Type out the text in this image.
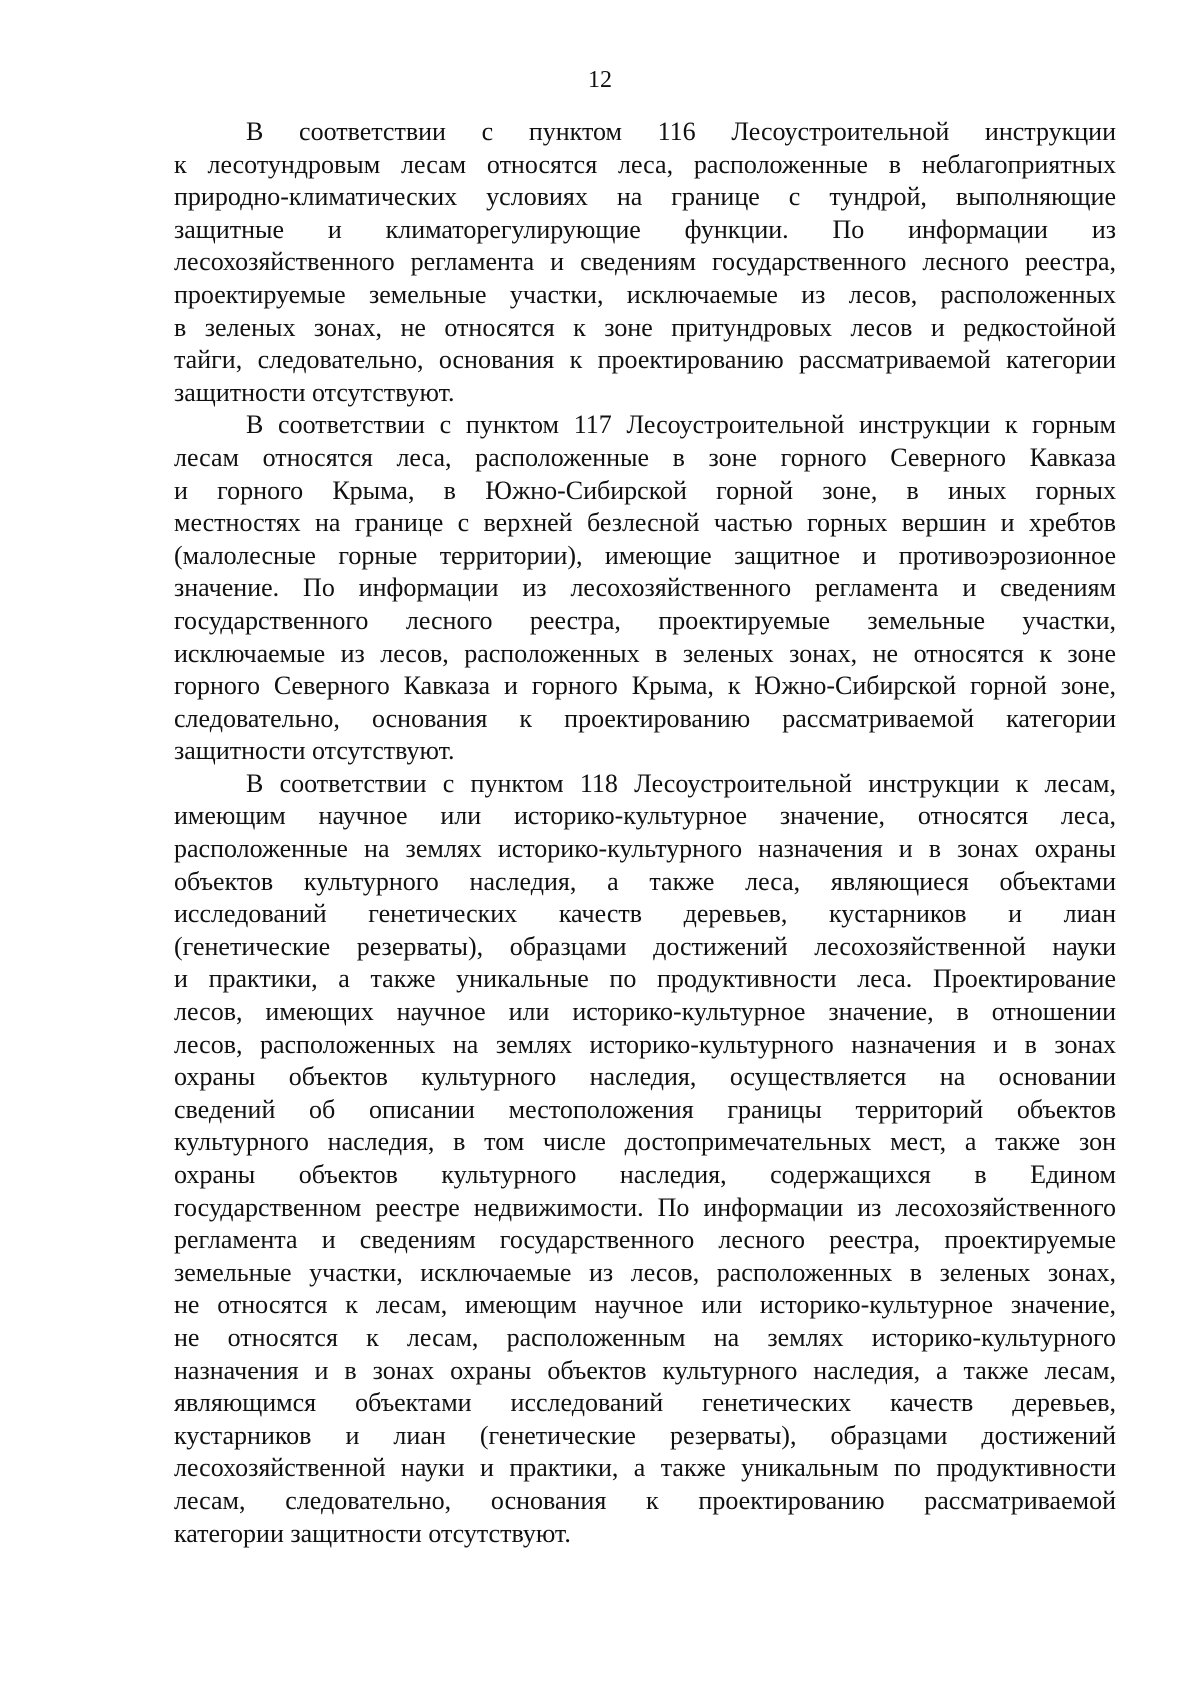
12
В соответствии с пунктом 116 Лесоустроительной инструкции
к лесотундровым лесам относятся леса, расположенные в неблагоприятных
природно-климатических условиях на границе с тундрой, выполняющие
защитные и климаторегулирующие функции. По информации из
лесохозяйственного регламента и сведениям государственного лесного реестра,
проектируемые земельные участки, исключаемые из лесов, расположенных
в зеленых зонах, не относятся к зоне притундровых лесов и редкостойной
тайги, следовательно, основания к проектированию рассматриваемой категории
защитности отсутствуют.
В соответствии с пунктом 117 Лесоустроительной инструкции к горным
лесам относятся леса, расположенные в зоне горного Северного Кавказа
и горного Крыма, в Южно-Сибирской горной зоне, в иных горных
местностях на границе с верхней безлесной частью горных вершин и хребтов
(малолесные горные территории), имеющие защитное и противоэрозионное
значение. По информации из лесохозяйственного регламента и сведениям
государственного лесного реестра, проектируемые земельные участки,
исключаемые из лесов, расположенных в зеленых зонах, не относятся к зоне
горного Северного Кавказа и горного Крыма, к Южно-Сибирской горной зоне,
следовательно, основания к проектированию рассматриваемой категории
защитности отсутствуют.
В соответствии с пунктом 118 Лесоустроительной инструкции к лесам,
имеющим научное или историко-культурное значение, относятся леса,
расположенные на землях историко-культурного назначения и в зонах охраны
объектов культурного наследия, а также леса, являющиеся объектами
исследований генетических качеств деревьев, кустарников и лиан
(генетические резерваты), образцами достижений лесохозяйственной науки
и практики, а также уникальные по продуктивности леса. Проектирование
лесов, имеющих научное или историко-культурное значение, в отношении
лесов, расположенных на землях историко-культурного назначения и в зонах
охраны объектов культурного наследия, осуществляется на основании
сведений об описании местоположения границы территорий объектов
культурного наследия, в том числе достопримечательных мест, а также зон
охраны объектов культурного наследия, содержащихся в Едином
государственном реестре недвижимости. По информации из лесохозяйственного
регламента и сведениям государственного лесного реестра, проектируемые
земельные участки, исключаемые из лесов, расположенных в зеленых зонах,
не относятся к лесам, имеющим научное или историко-культурное значение,
не относятся к лесам, расположенным на землях историко-культурного
назначения и в зонах охраны объектов культурного наследия, а также лесам,
являющимся объектами исследований генетических качеств деревьев,
кустарников и лиан (генетические резерваты), образцами достижений
лесохозяйственной науки и практики, а также уникальным по продуктивности
лесам, следовательно, основания к проектированию рассматриваемой
категории защитности отсутствуют.
